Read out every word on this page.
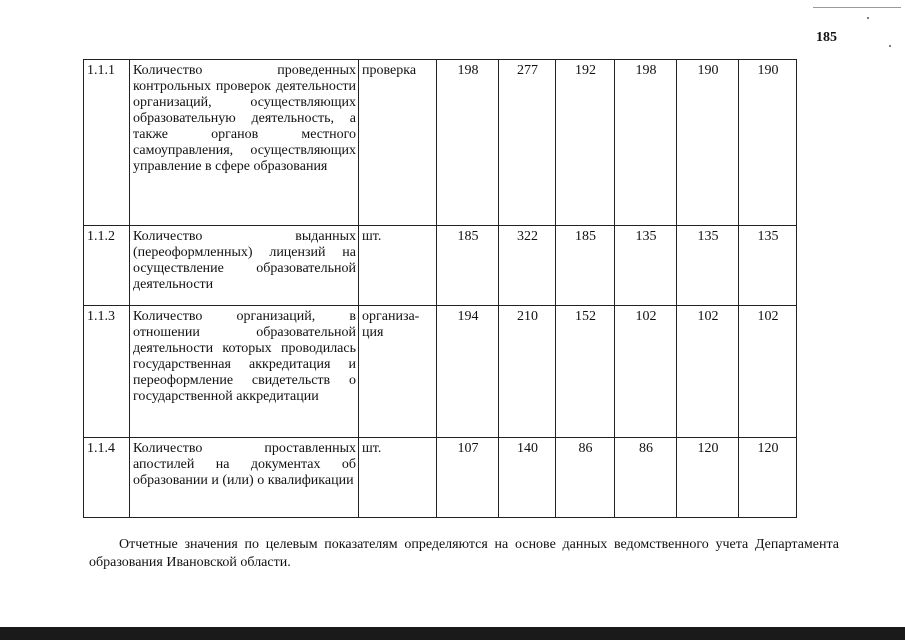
185
1.1.1	Количество проведенных контрольных проверок деятельности организаций, осуществляющих образовательную деятельность, а также органов местного самоуправления, осуществляющих управление в сфере образования	проверка	198	277	192	198	190	190
1.1.2	Количество выданных (переоформленных) лицензий на осуществление образовательной деятельности	шт.	185	322	185	135	135	135
1.1.3	Количество организаций, в отношении образовательной деятельности которых проводилась государственная аккредитация и переоформление свидетельств о государственной аккредитации	организа-ция	194	210	152	102	102	102
1.1.4	Количество проставленных апостилей на документах об образовании и (или) о квалификации	шт.	107	140	86	86	120	120
Отчетные значения по целевым показателям определяются на основе данных ведомственного учета Департамента образования Ивановской области.
